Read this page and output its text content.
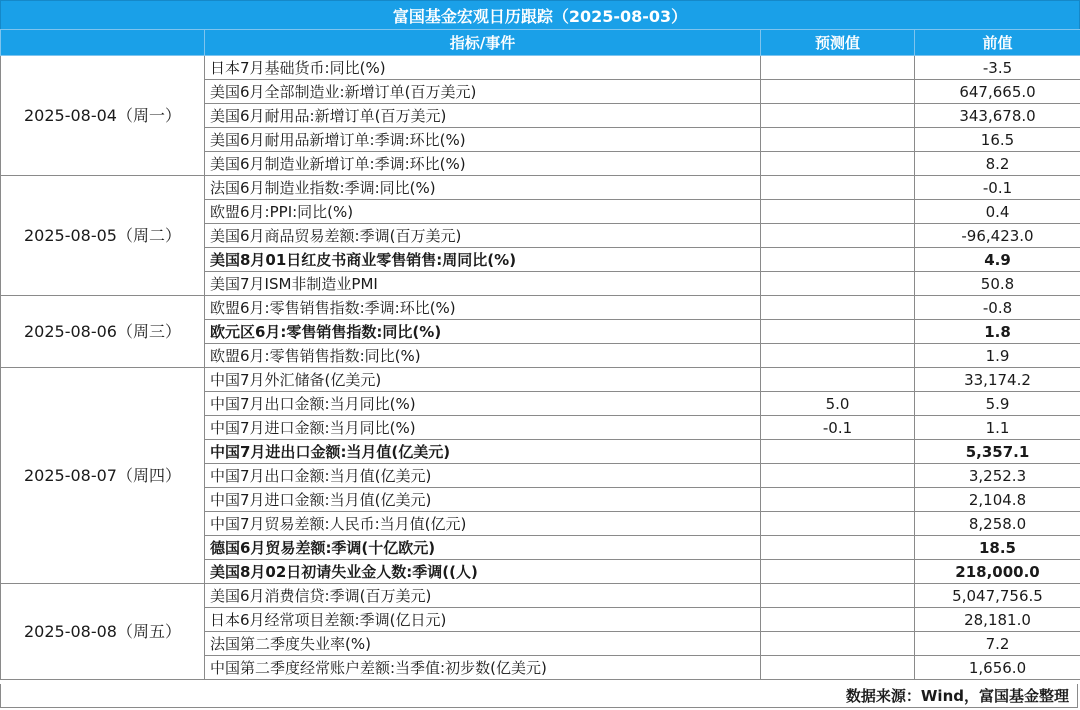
富国基金宏观日历跟踪（2025-08-03）
	指标/事件	预测值	前值
2025-08-04（周一）	日本7月基础货币:同比(%)		-3.5
	美国6月全部制造业:新增订单(百万美元)		647,665.0
	美国6月耐用品:新增订单(百万美元)		343,678.0
	美国6月耐用品新增订单:季调:环比(%)		16.5
	美国6月制造业新增订单:季调:环比(%)		8.2
2025-08-05（周二）	法国6月制造业指数:季调:同比(%)		-0.1
	欧盟6月:PPI:同比(%)		0.4
	美国6月商品贸易差额:季调(百万美元)		-96,423.0
	美国8月01日红皮书商业零售销售:周同比(%)		4.9
	美国7月ISM非制造业PMI		50.8
2025-08-06（周三）	欧盟6月:零售销售指数:季调:环比(%)		-0.8
	欧元区6月:零售销售指数:同比(%)		1.8
	欧盟6月:零售销售指数:同比(%)		1.9
2025-08-07（周四）	中国7月外汇储备(亿美元)		33,174.2
	中国7月出口金额:当月同比(%)	5.0	5.9
	中国7月进口金额:当月同比(%)	-0.1	1.1
	中国7月进出口金额:当月值(亿美元)		5,357.1
	中国7月出口金额:当月值(亿美元)		3,252.3
	中国7月进口金额:当月值(亿美元)		2,104.8
	中国7月贸易差额:人民币:当月值(亿元)		8,258.0
	德国6月贸易差额:季调(十亿欧元)		18.5
	美国8月02日初请失业金人数:季调((人)		218,000.0
2025-08-08（周五）	美国6月消费信贷:季调(百万美元)		5,047,756.5
	日本6月经常项目差额:季调(亿日元)		28,181.0
	法国第二季度失业率(%)		7.2
	中国第二季度经常账户差额:当季值:初步数(亿美元)		1,656.0
数据来源：Wind，富国基金整理
